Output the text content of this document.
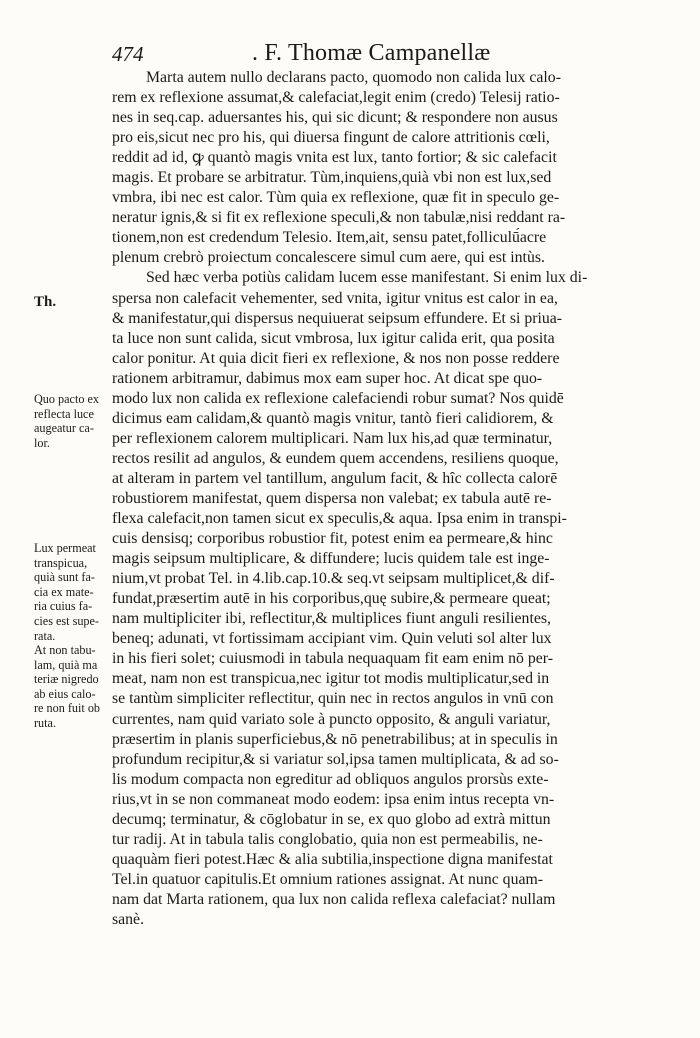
474	. F. Thomæ Campanellæ
Th.
Quo pacto ex
reflecta luce
augeatur ca-
lor.
Lux permeat
transpicua,
quià sunt fa-
cia ex mate-
ria cuius fa-
cies est supe-
rata.
At non tabu-
lam, quià ma
teriæ nigredo
ab eius calo-
re non fuit ob
ruta.
Marta autem nullo declarans pacto, quomodo non calida lux calo-
rem ex reflexione assumat,& calefaciat,legit enim (credo) Telesij ratio-
nes in seq.cap. aduersantes his, qui sic dicunt; & respondere non ausus
pro eis,sicut nec pro his, qui diuersa fingunt de calore attritionis cœli,
reddit ad id, ꝙ quantò magis vnita est lux, tanto fortior; & sic calefacit
magis. Et probare se arbitratur. Tùm,inquiens,quià vbi non est lux,sed
vmbra, ibi nec est calor. Tùm quia ex reflexione, quæ fit in speculo ge-
neratur ignis,& si fit ex reflexione speculi,& non tabulæ,nisi reddant ra-
tionem,non est credendum Telesio. Item,ait, sensu patet,folliculū́acre
plenum crebrò proiectum concalescere simul cum aere, qui est intùs.
Sed hæc verba potiùs calidam lucem esse manifestant. Si enim lux di-
spersa non calefacit vehementer, sed vnita, igitur vnitus est calor in ea,
& manifestatur,qui dispersus nequiuerat seipsum effundere. Et si priua-
ta luce non sunt calida, sicut vmbrosa, lux igitur calida erit, qua posita
calor ponitur. At quia dicit fieri ex reflexione, & nos non posse reddere
rationem arbitramur, dabimus mox eam super hoc. At dicat spe quo-
modo lux non calida ex reflexione calefaciendi robur sumat? Nos quidē
dicimus eam calidam,& quantò magis vnitur, tantò fieri calidiorem, &
per reflexionem calorem multiplicari. Nam lux his,ad quæ terminatur,
rectos resilit ad angulos, & eundem quem accendens, resiliens quoque,
at alteram in partem vel tantillum, angulum facit, & hîc collecta calorē
robustiorem manifestat, quem dispersa non valebat; ex tabula autē re-
flexa calefacit,non tamen sicut ex speculis,& aqua. Ipsa enim in transpi-
cuis densisq; corporibus robustior fit, potest enim ea permeare,& hinc
magis seipsum multiplicare, & diffundere; lucis quidem tale est inge-
nium,vt probat Tel. in 4.lib.cap.10.& seq.vt seipsam multiplicet,& dif-
fundat,præsertim autē in his corporibus,quę subire,& permeare queat;
nam multipliciter ibi, reflectitur,& multiplices fiunt anguli resilientes,
beneq; adunati, vt fortissimam accipiant vim. Quin veluti sol alter lux
in his fieri solet; cuiusmodi in tabula nequaquam fit eam enim nō per-
meat, nam non est transpicua,nec igitur tot modis multiplicatur,sed in
se tantùm simpliciter reflectitur, quin nec in rectos angulos in vnū con
currentes, nam quid variato sole à puncto opposito, & anguli variatur,
præsertim in planis superficiebus,& nō penetrabilibus; at in speculis in
profundum recipitur,& si variatur sol,ipsa tamen multiplicata, & ad so-
lis modum compacta non egreditur ad obliquos angulos prorsùs exte-
rius,vt in se non commaneat modo eodem: ipsa enim intus recepta vn-
decumq; terminatur, & cōglobatur in se, ex quo globo ad extrà mittun
tur radij. At in tabula talis conglobatio, quia non est permeabilis, ne-
quaquàm fieri potest.Hæc & alia subtilia,inspectione digna manifestat
Tel.in quatuor capitulis.Et omnium rationes assignat. At nunc quam-
nam dat Marta rationem, qua lux non calida reflexa calefaciat? nullam
sanè.
